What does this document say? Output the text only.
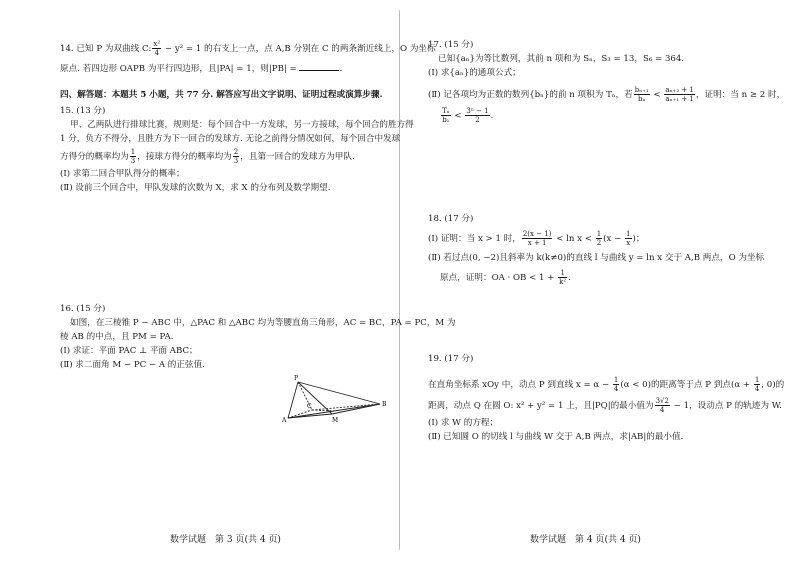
14. 已知 P 为双曲线 C: $\frac{\text{x²}}{4} - y^2 = 1$ 的右支上一点，点 A,B 分别在 C 的两条渐近线上，O 为坐标
原点. 若四边形 OAPB 为平行四边形，且|PA| = 1，则|PB| =	.
四、解答题：本题共 5 小题，共 77 分. 解答应写出文字说明、证明过程或演算步骤.
15. (13 分)
甲、乙两队进行排球比赛，规则是：每个回合中一方发球，另一方接球，每个回合的胜方得
1 分，负方不得分，且胜方为下一回合的发球方. 无论之前得分情况如何，每个回合中发球
方得分的概率均为 $\frac{1}{3}$ ，接球方得分的概率均为 $\frac{2}{3}$ ，且第一回合的发球方为甲队.
(Ⅰ) 求第二回合甲队得分的概率；
(Ⅱ) 设前三个回合中，甲队发球的次数为 X，求 X 的分布列及数学期望.
16. (15 分)
如图，在三棱锥 P − ABC 中，△PAC 和 △ABC 均为等腰直角三角形，AC = BC，PA = PC，M 为
棱 AB 的中点，且 PM = PA.
(Ⅰ) 求证：平面 PAC ⊥ 平面 ABC；
(Ⅱ) 求二面角 M − PC − A 的正弦值.
P
A
B
C
M
数学试题　第 3 页(共 4 页)
17. (15 分)
已知{aₙ}为等比数列，其前 n 项和为 Sₙ，S₃ = 13，S₆ = 364.
(Ⅰ) 求{aₙ}的通项公式；
(Ⅱ) 记各项均为正数的数列{bₙ}的前 n 项积为 Tₙ，若 $\frac{\text{bₙ₊₁}}{\text{bₙ}} < \frac{\text{aₙ₊₂ + 1}}{\text{aₙ₊₁ + 1}}$ ，证明：当 n ≥ 2 时，
$\frac{\text{Tₙ}}{\text{b₁}} < \frac{\text{3ⁿ − 1}}{2}$ .
18. (17 分)
(Ⅰ) 证明：当 x > 1 时， $\frac{2(x - 1)}{x + 1} < \ln x < \frac{1}{2} (x - \frac{1}{x}$ )；
(Ⅱ) 若过点(0, −2)且斜率为 k(k≠0)的直线 l 与曲线 y = ln x 交于 A,B 两点，O 为坐标
原点，证明：OA · OB < $1 + \frac{1}{\text{k²}}$ .
19. (17 分)
在直角坐标系 xOy 中，动点 P 到直线 $x = \alpha - \frac{1}{4} (\alpha < 0)$的距离等于点 P 到点($\alpha + \frac{1}{4}$ , 0)的
距离，动点 Q 在圆 O: x² + y² = 1 上，且|PQ|的最小值为 $\frac{3√2}{4} - 1$，设动点 P 的轨迹为 W.
(Ⅰ) 求 W 的方程；
(Ⅱ) 已知圆 O 的切线 l 与曲线 W 交于 A,B 两点，求|AB|的最小值.
数学试题　第 4 页(共 4 页)
